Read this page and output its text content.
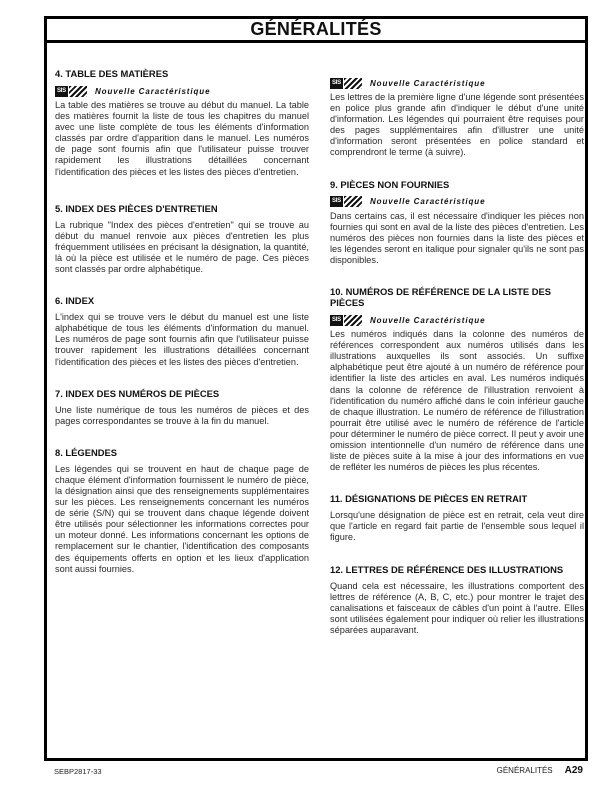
GÉNÉRALITÉS
4. TABLE DES MATIÈRES
SIS	Nouvelle Caractéristique

La table des matières se trouve au début du manuel. La table des matières fournit la liste de tous les chapitres du manuel avec une liste complète de tous les éléments d'information classés par ordre d'apparition dans le manuel. Les numéros de page sont fournis afin que l'utilisateur puisse trouver rapidement les illustrations détaillées concernant l'identification des pièces et les listes des pièces d'entretien.

5. INDEX DES PIÈCES D'ENTRETIEN

La rubrique "Index des pièces d'entretien" qui se trouve au début du manuel renvoie aux pièces d'entretien les plus fréquemment utilisées en précisant la désignation, la quantité, là où la pièce est utilisée et le numéro de page. Ces pièces sont classés par ordre alphabétique.

6. INDEX

L'index qui se trouve vers le début du manuel est une liste alphabétique de tous les éléments d'information du manuel. Les numéros de page sont fournis afin que l'utilisateur puisse trouver rapidement les illustrations détaillées concernant l'identification des pièces et les listes des pièces d'entretien.

7. INDEX DES NUMÉROS DE PIÈCES

Une liste numérique de tous les numéros de pièces et des pages correspondantes se trouve à la fin du manuel.

8. LÉGENDES

Les légendes qui se trouvent en haut de chaque page de chaque élément d'information fournissent le numéro de pièce, la désignation ainsi que des renseignements supplémentaires sur les pièces. Les renseignements concernant les numéros de série (S/N) qui se trouvent dans chaque légende doivent être utilisés pour sélectionner les informations correctes pour un moteur donné. Les informations concernant les options de remplacement sur le chantier, l'identification des composants des équipements offerts en option et les lieux d'application sont aussi fournies.

SIS	Nouvelle Caractéristique

Les lettres de la première ligne d'une légende sont présentées en police plus grande afin d'indiquer le début d'une unité d'information. Les légendes qui pourraient être requises pour des pages supplémentaires afin d'illustrer une unité d'information seront présentées en police standard et comprendront le terme (à suivre).

9. PIÈCES NON FOURNIES
SIS	Nouvelle Caractéristique

Dans certains cas, il est nécessaire d'indiquer les pièces non fournies qui sont en aval de la liste des pièces d'entretien. Les numéros des pièces non fournies dans la liste des pièces et les légendes seront en italique pour signaler qu'ils ne sont pas disponibles.

10. NUMÉROS DE RÉFÉRENCE DE LA LISTE DES PIÈCES
SIS	Nouvelle Caractéristique

Les numéros indiqués dans la colonne des numéros de références correspondent aux numéros utilisés dans les illustrations auxquelles ils sont associés. Un suffixe alphabétique peut être ajouté à un numéro de référence pour identifier la liste des articles en aval. Les numéros indiqués dans la colonne de référence de l'illustration renvoient à l'identification du numéro affiché dans le coin inférieur gauche de chaque illustration. Le numéro de référence de l'illustration pourrait être utilisé avec le numéro de référence de l'article pour déterminer le numéro de pièce correct. Il peut y avoir une omission intentionnelle d'un numéro de référence dans une liste de pièces suite à la mise à jour des informations en vue de refléter les numéros de pièces les plus récentes.

11. DÉSIGNATIONS DE PIÈCES EN RETRAIT

Lorsqu'une désignation de pièce est en retrait, cela veut dire que l'article en regard fait partie de l'ensemble sous lequel il figure.

12. LETTRES DE RÉFÉRENCE DES ILLUSTRATIONS

Quand cela est nécessaire, les illustrations comportent des lettres de référence (A, B, C, etc.) pour montrer le trajet des canalisations et faisceaux de câbles d'un point à l'autre. Elles sont utilisées également pour indiquer où relier les illustrations séparées auparavant.

SEBP2817-33	GÉNÉRALITÉS A29
